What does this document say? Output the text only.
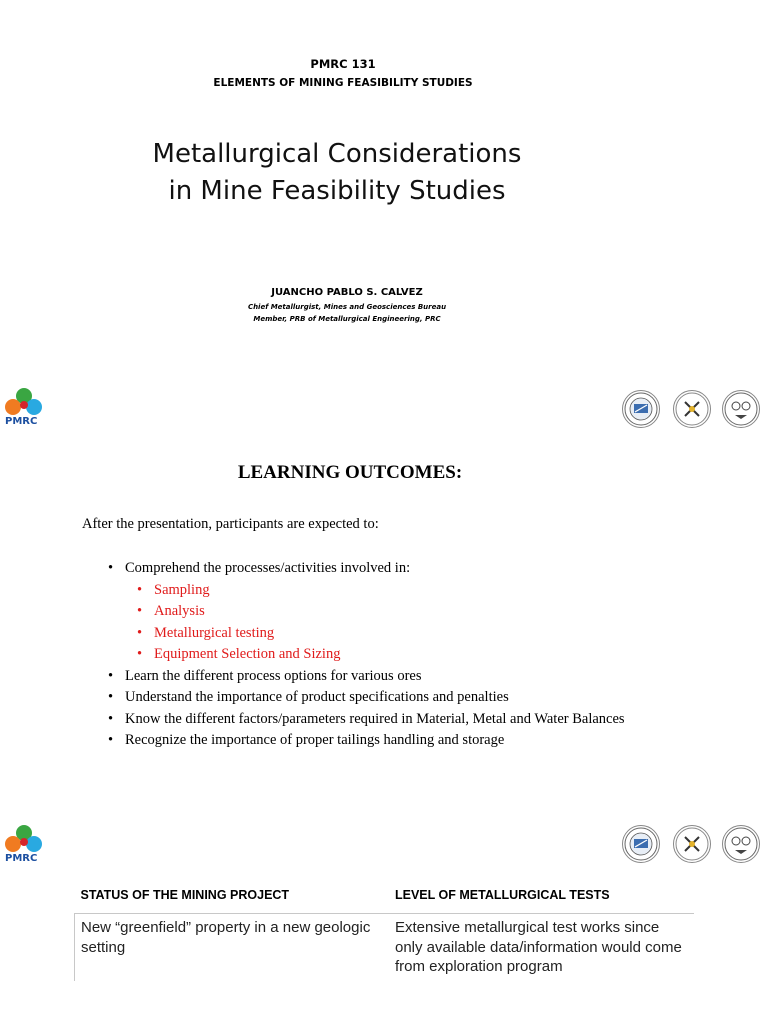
PMRC 131
ELEMENTS OF MINING FEASIBILITY STUDIES
Metallurgical Considerations
in Mine Feasibility Studies
JUANCHO PABLO S. CALVEZ
Chief Metallurgist, Mines and Geosciences Bureau
Member, PRB of Metallurgical Engineering, PRC
PMRC
LEARNING OUTCOMES:
After the presentation, participants are expected to:
• Comprehend the processes/activities involved in:
• Sampling
• Analysis
• Metallurgical testing
• Equipment Selection and Sizing
• Learn the different process options for various ores
• Understand the importance of product specifications and penalties
• Know the different factors/parameters required in Material, Metal and Water Balances
• Recognize the importance of proper tailings handling and storage
PMRC
STATUS OF THE MINING PROJECT	LEVEL OF METALLURGICAL TESTS
New “greenfield” property in a new geologic setting	Extensive metallurgical test works since only available data/information would come from exploration program
